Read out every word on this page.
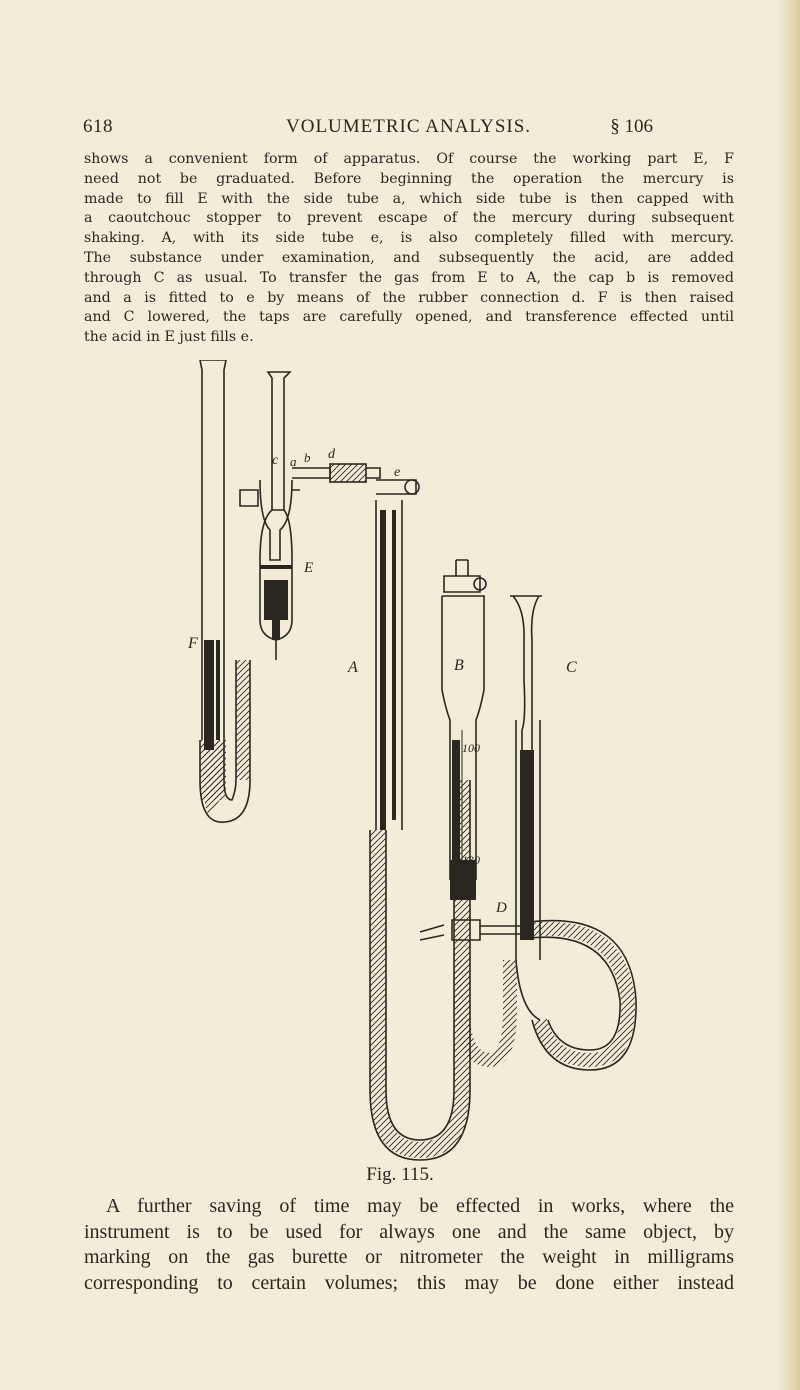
618	VOLUMETRIC ANALYSIS.	§ 106
shows a convenient form of apparatus. Of course the working part E, F
need not be graduated. Before beginning the operation the mercury is
made to fill E with the side tube a, which side tube is then capped with
a caoutchouc stopper to prevent escape of the mercury during subsequent
shaking. A, with its side tube e, is also completely filled with mercury.
The substance under examination, and subsequently the acid, are added
through C as usual. To transfer the gas from E to A, the cap b is removed
and a is fitted to e by means of the rubber connection d. F is then raised
and C lowered, the taps are carefully opened, and transference effected until
the acid in E just fills e.
F
E
A	B	C
c a b d
e
D
100
130
Fig. 115.
A further saving of time may be effected in works, where the
instrument is to be used for always one and the same object, by
marking on the gas burette or nitrometer the weight in milligrams
corresponding to certain volumes; this may be done either instead
